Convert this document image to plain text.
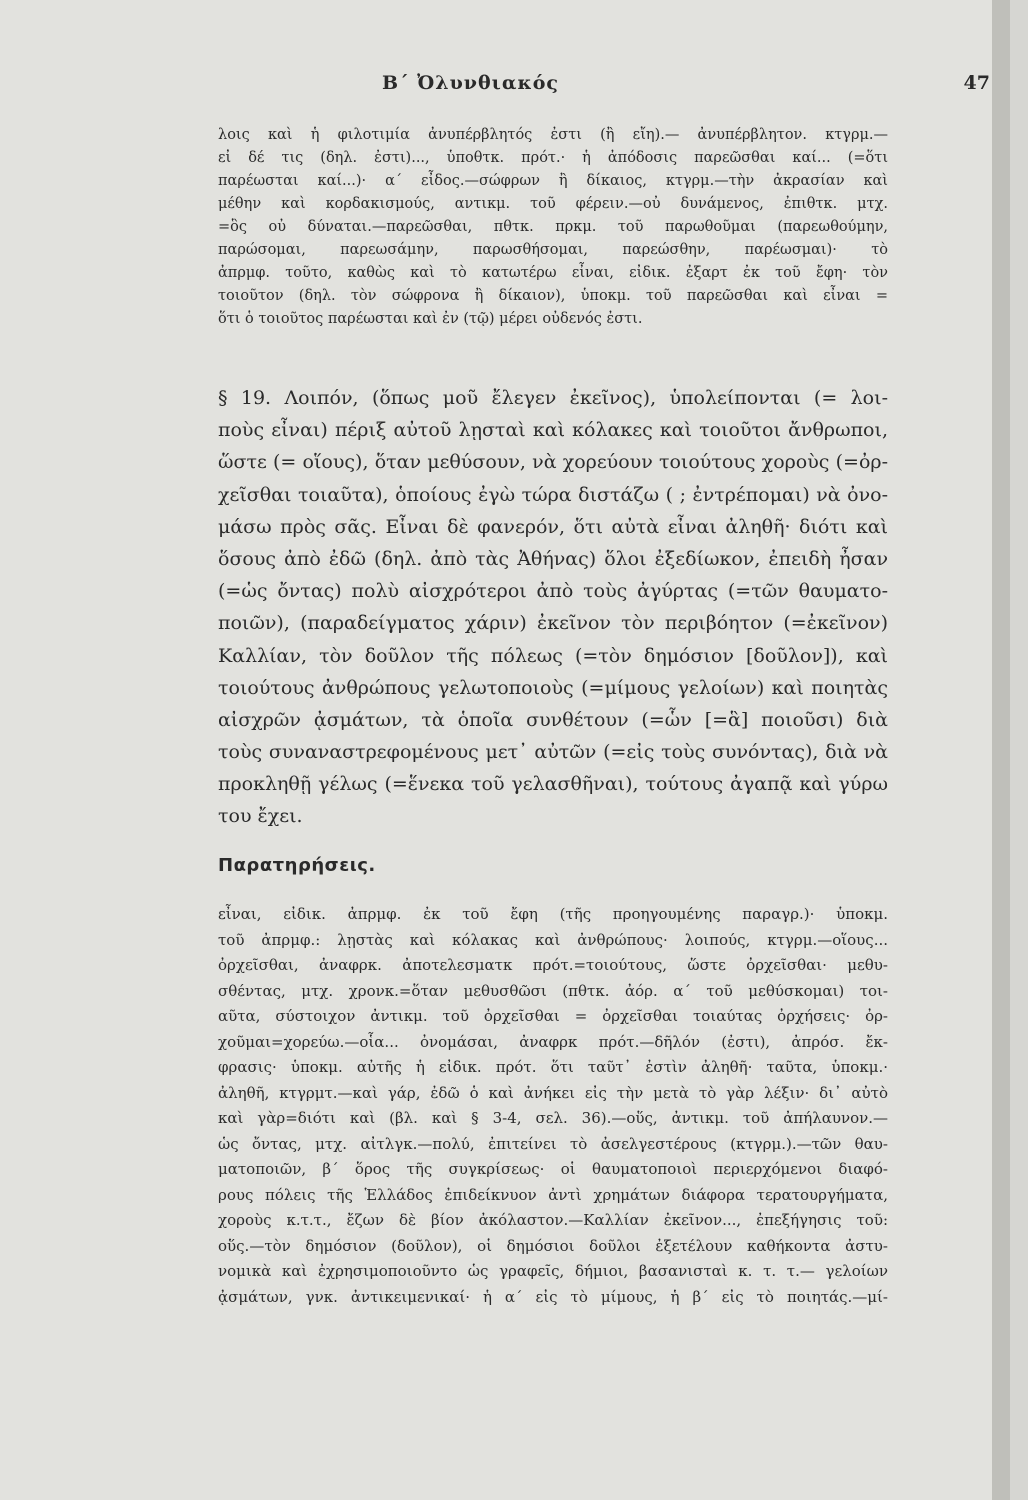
Β΄ Ὀλυνθιακός	47
λοις καὶ ἡ φιλοτιμία ἀνυπέρβλητός ἐστι (ἢ εἴη).— ἀνυπέρβλητον. κτγρμ.—
εἰ δέ τις (δηλ. ἐστι)..., ὑποθτκ. πρότ.· ἡ ἀπόδοσις παρεῶσθαι καί... (=ὅτι
παρέωσται καί...)· α΄ εἶδος.—σώφρων ἢ δίκαιος, κτγρμ.—τὴν ἀκρασίαν καὶ
μέθην καὶ κορδακισμούς, αντικμ. τοῦ φέρειν.—οὐ δυνάμενος, ἐπιθτκ. μτχ.
=ὃς οὐ δύναται.—παρεῶσθαι, πθτκ. πρκμ. τοῦ παρωθοῦμαι (παρεωθούμην,
παρώσομαι, παρεωσάμην, παρωσθήσομαι, παρεώσθην, παρέωσμαι)· τὸ
ἀπρμφ. τοῦτο, καθὼς καὶ τὸ κατωτέρω εἶναι, εἰδικ. ἐξαρτ ἐκ τοῦ ἔφη· τὸν
τοιοῦτον (δηλ. τὸν σώφρονα ἢ δίκαιον), ὑποκμ. τοῦ παρεῶσθαι καὶ εἶναι =
ὅτι ὁ τοιοῦτος παρέωσται καὶ ἐν (τῷ) μέρει οὐδενός ἐστι.
§ 19. Λοιπόν, (ὅπως μοῦ ἔλεγεν ἐκεῖνος), ὑπολείπονται (= λοι-
ποὺς εἶναι) πέριξ αὐτοῦ λῃσταὶ καὶ κόλακες καὶ τοιοῦτοι ἄνθρωποι,
ὥστε (= οἵους), ὅταν μεθύσουν, νὰ χορεύουν τοιούτους χοροὺς (=ὀρ-
χεῖσθαι τοιαῦτα), ὁποίους ἐγὼ τώρα διστάζω ( ; ἐντρέπομαι) νὰ ὀνο-
μάσω πρὸς σᾶς. Εἶναι δὲ φανερόν, ὅτι αὐτὰ εἶναι ἀληθῆ· διότι καὶ
ὅσους ἀπὸ ἐδῶ (δηλ. ἀπὸ τὰς Ἀθήνας) ὅλοι ἐξεδίωκον, ἐπειδὴ ἦσαν
(=ὡς ὄντας) πολὺ αἰσχρότεροι ἀπὸ τοὺς ἀγύρτας (=τῶν θαυματο-
ποιῶν), (παραδείγματος χάριν) ἐκεῖνον τὸν περιβόητον (=ἐκεῖνον)
Καλλίαν, τὸν δοῦλον τῆς πόλεως (=τὸν δημόσιον [δοῦλον]), καὶ
τοιούτους ἀνθρώπους γελωτοποιοὺς (=μίμους γελοίων) καὶ ποιητὰς
αἰσχρῶν ᾀσμάτων, τὰ ὁποῖα συνθέτουν (=ὧν [=ἃ] ποιοῦσι) διὰ
τοὺς συναναστρεφομένους μετ᾿ αὐτῶν (=εἰς τοὺς συνόντας), διὰ νὰ
προκληθῇ γέλως (=ἕνεκα τοῦ γελασθῆναι), τούτους ἀγαπᾷ καὶ γύρω
του ἔχει.
Παρατηρήσεις.
εἶναι, εἰδικ. ἀπρμφ. ἐκ τοῦ ἔφη (τῆς προηγουμένης παραγρ.)· ὑποκμ.
τοῦ ἀπρμφ.: λῃστὰς καὶ κόλακας καὶ ἀνθρώπους· λοιπούς, κτγρμ.—οἵους...
ὀρχεῖσθαι, ἀναφρκ. ἀποτελεσματκ πρότ.=τοιούτους, ὥστε ὀρχεῖσθαι· μεθυ-
σθέντας, μτχ. χρονκ.=ὅταν μεθυσθῶσι (πθτκ. ἀόρ. α΄ τοῦ μεθύσκομαι) τοι-
αῦτα, σύστοιχον ἀντικμ. τοῦ ὀρχεῖσθαι = ὀρχεῖσθαι τοιαύτας ὀρχήσεις· ὀρ-
χοῦμαι=χορεύω.—οἷα... ὀνομάσαι, ἀναφρκ πρότ.—δῆλόν (ἐστι), ἀπρόσ. ἔκ-
φρασις· ὑποκμ. αὐτῆς ἡ εἰδικ. πρότ. ὅτι ταῦτ᾿ ἐστὶν ἀληθῆ· ταῦτα, ὑποκμ.·
ἀληθῆ, κτγρμτ.—καὶ γάρ, ἐδῶ ὁ καὶ ἀνήκει εἰς τὴν μετὰ τὸ γὰρ λέξιν· δι᾿ αὐτὸ
καὶ γὰρ=διότι καὶ (βλ. καὶ § 3-4, σελ. 36).—οὕς, ἀντικμ. τοῦ ἀπήλαυνον.—
ὡς ὄντας, μτχ. αἰτλγκ.—πολύ, ἐπιτείνει τὸ ἀσελγεστέρους (κτγρμ.).—τῶν θαυ-
ματοποιῶν, β΄ ὅρος τῆς συγκρίσεως· οἱ θαυματοποιοὶ περιερχόμενοι διαφό-
ρους πόλεις τῆς Ἑλλάδος ἐπιδείκνυον ἀντὶ χρημάτων διάφορα τερατουργήματα,
χοροὺς κ.τ.τ., ἔζων δὲ βίον ἀκόλαστον.—Καλλίαν ἐκεῖνον..., ἐπεξήγησις τοῦ:
οὕς.—τὸν δημόσιον (δοῦλον), οἱ δημόσιοι δοῦλοι ἐξετέλουν καθήκοντα ἀστυ-
νομικὰ καὶ ἐχρησιμοποιοῦντο ὡς γραφεῖς, δήμιοι, βασανισταὶ κ. τ. τ.— γελοίων
ᾀσμάτων, γνκ. ἀντικειμενικαί· ἡ α΄ εἰς τὸ μίμους, ἡ β΄ εἰς τὸ ποιητάς.—μί-
